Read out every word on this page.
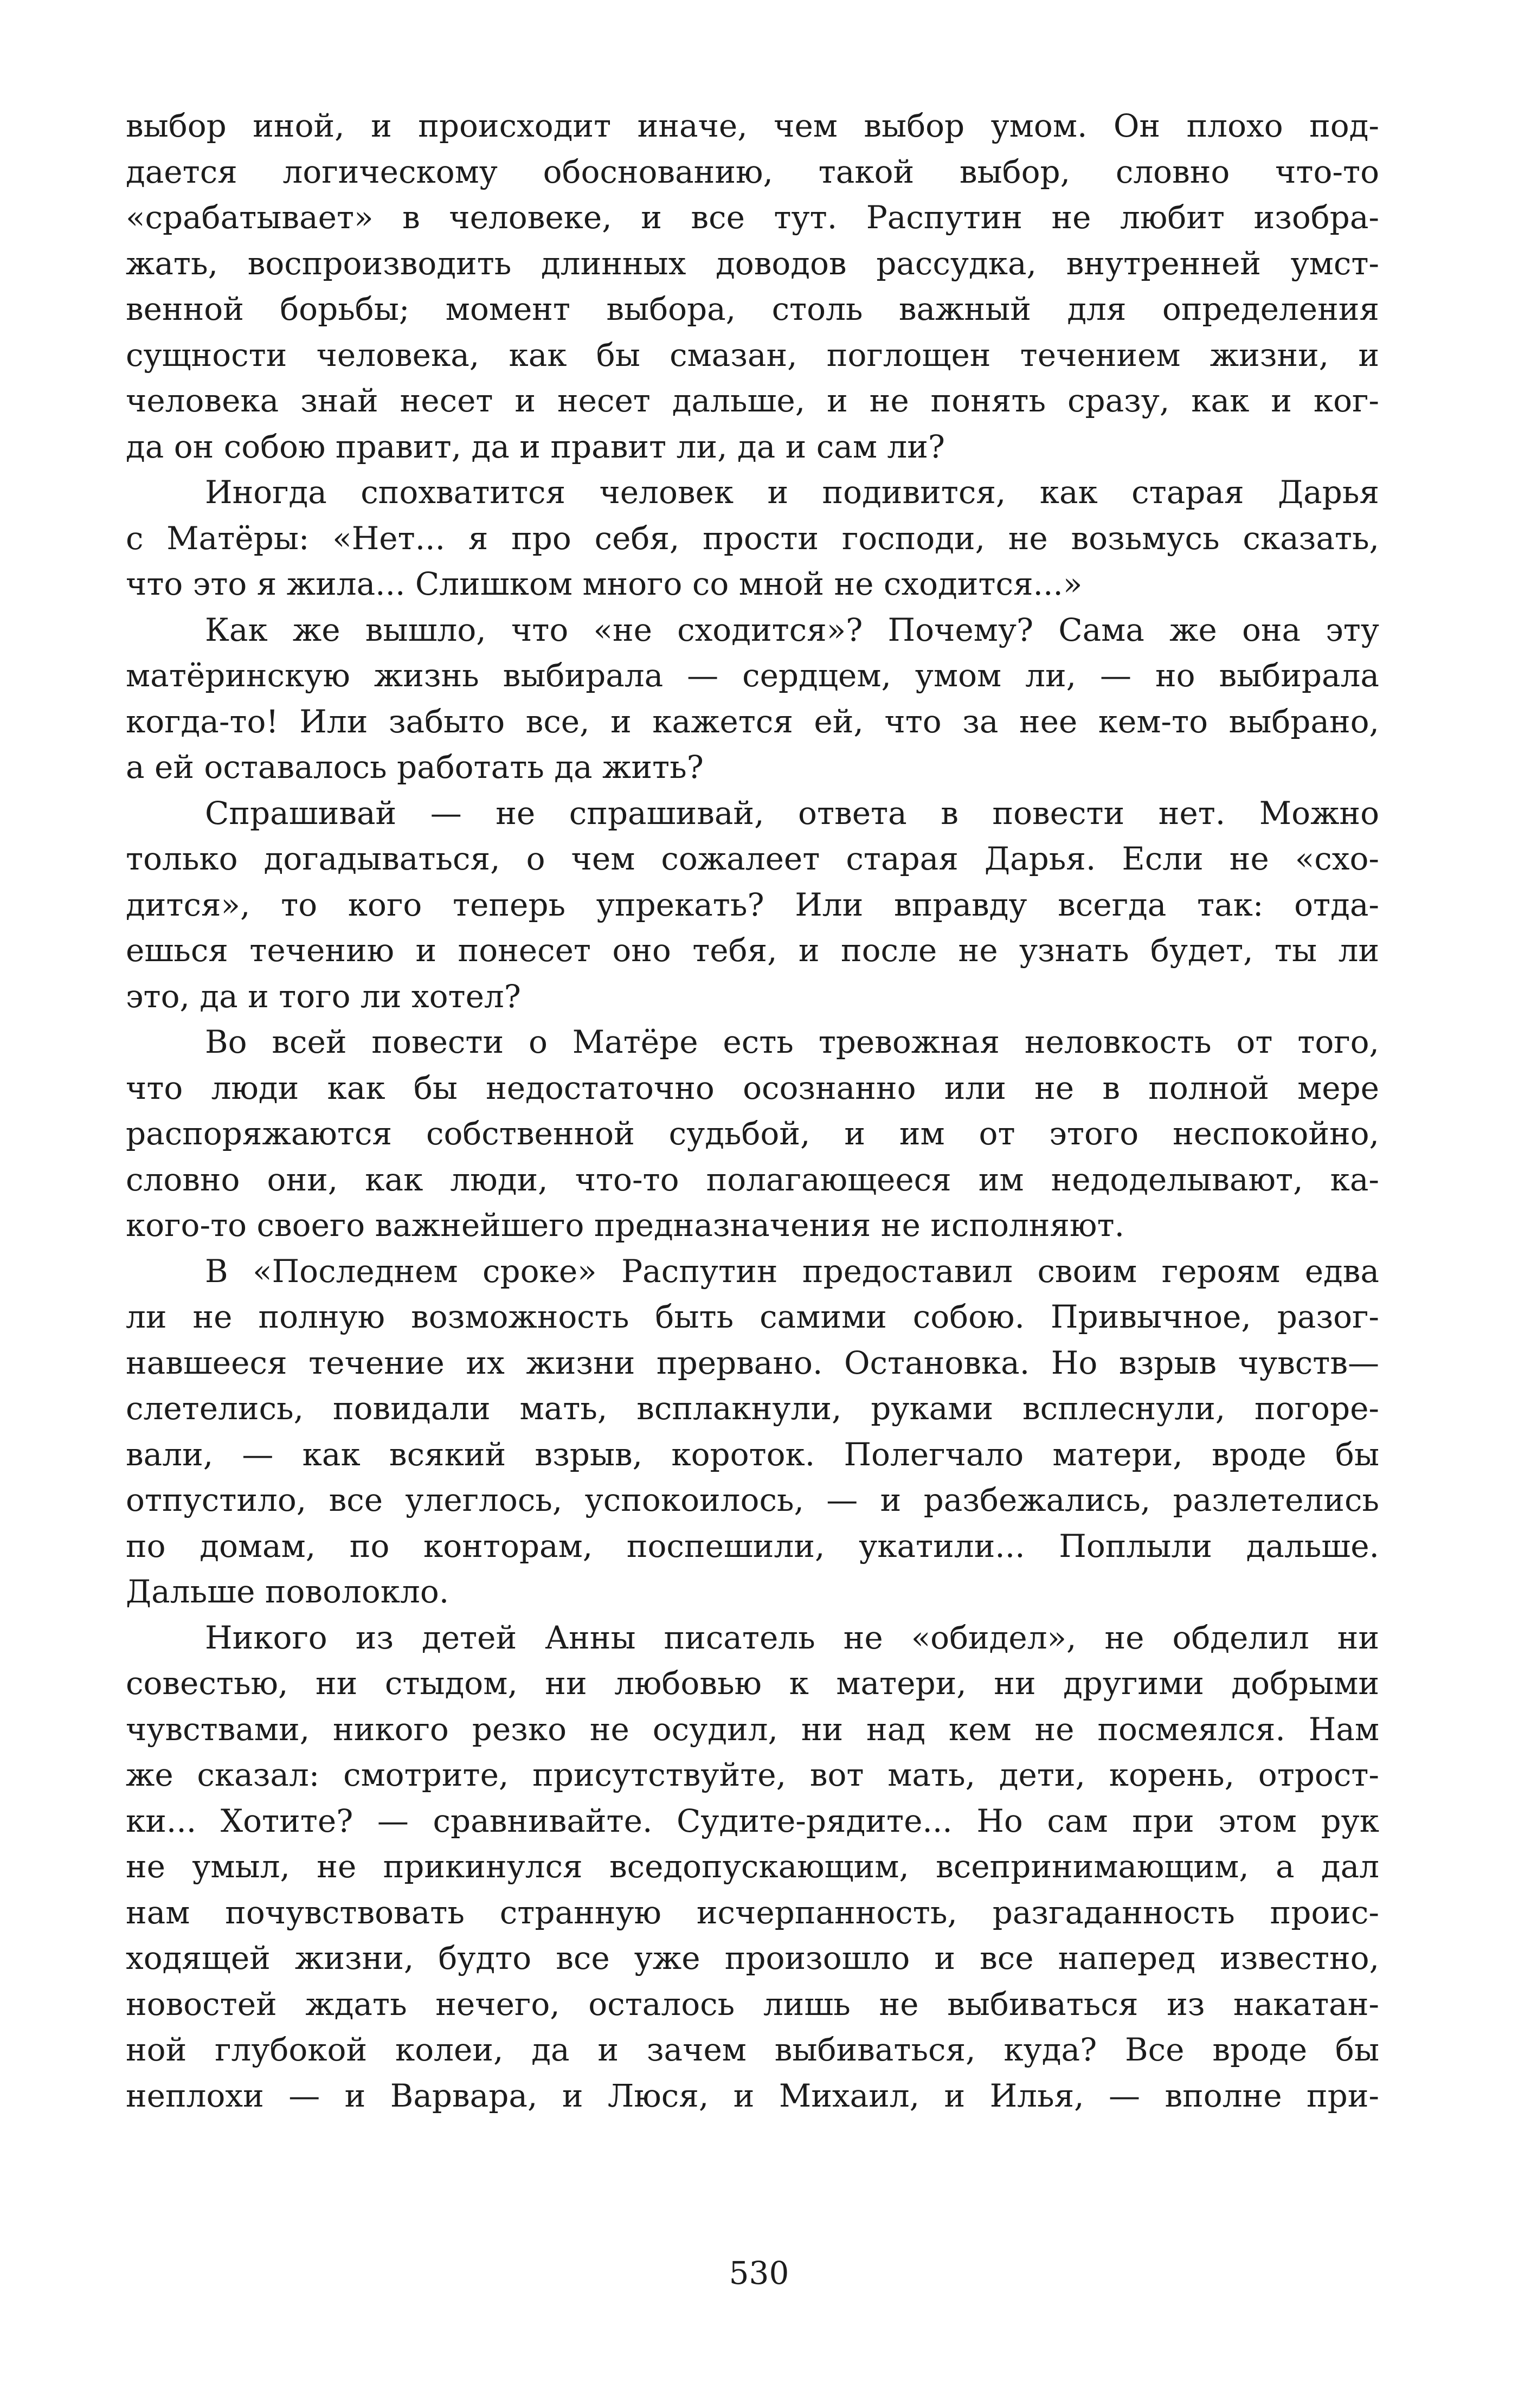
выбор иной, и происходит иначе, чем выбор умом. Он плохо под-
дается логическому обоснованию, такой выбор, словно что-то
«срабатывает» в человеке, и все тут. Распутин не любит изобра-
жать, воспроизводить длинных доводов рассудка, внутренней умст-
венной борьбы; момент выбора, столь важный для определения
сущности человека, как бы смазан, поглощен течением жизни, и
человека знай несет и несет дальше, и не понять сразу, как и ког-
да он собою правит, да и правит ли, да и сам ли?
Иногда спохватится человек и подивится, как старая Дарья
с Матёры: «Нет... я про себя, прости господи, не возьмусь сказать,
что это я жила... Слишком много со мной не сходится...»
Как же вышло, что «не сходится»? Почему? Сама же она эту
матёринскую жизнь выбирала — сердцем, умом ли, — но выбирала
когда-то! Или забыто все, и кажется ей, что за нее кем-то выбрано,
а ей оставалось работать да жить?
Спрашивай — не спрашивай, ответа в повести нет. Можно
только догадываться, о чем сожалеет старая Дарья. Если не «схо-
дится», то кого теперь упрекать? Или вправду всегда так: отда-
ешься течению и понесет оно тебя, и после не узнать будет, ты ли
это, да и того ли хотел?
Во всей повести о Матёре есть тревожная неловкость от того,
что люди как бы недостаточно осознанно или не в полной мере
распоряжаются собственной судьбой, и им от этого неспокойно,
словно они, как люди, что-то полагающееся им недоделывают, ка-
кого-то своего важнейшего предназначения не исполняют.
В «Последнем сроке» Распутин предоставил своим героям едва
ли не полную возможность быть самими собою. Привычное, разог-
навшееся течение их жизни прервано. Остановка. Но взрыв чувств—
слетелись, повидали мать, всплакнули, руками всплеснули, погоре-
вали, — как всякий взрыв, короток. Полегчало матери, вроде бы
отпустило, все улеглось, успокоилось, — и разбежались, разлетелись
по домам, по конторам, поспешили, укатили... Поплыли дальше.
Дальше поволокло.
Никого из детей Анны писатель не «обидел», не обделил ни
совестью, ни стыдом, ни любовью к матери, ни другими добрыми
чувствами, никого резко не осудил, ни над кем не посмеялся. Нам
же сказал: смотрите, присутствуйте, вот мать, дети, корень, отрост-
ки... Хотите? — сравнивайте. Судите-рядите... Но сам при этом рук
не умыл, не прикинулся вседопускающим, всепринимающим, а дал
нам почувствовать странную исчерпанность, разгаданность проис-
ходящей жизни, будто все уже произошло и все наперед известно,
новостей ждать нечего, осталось лишь не выбиваться из накатан-
ной глубокой колеи, да и зачем выбиваться, куда? Все вроде бы
неплохи — и Варвара, и Люся, и Михаил, и Илья, — вполне при-
530
